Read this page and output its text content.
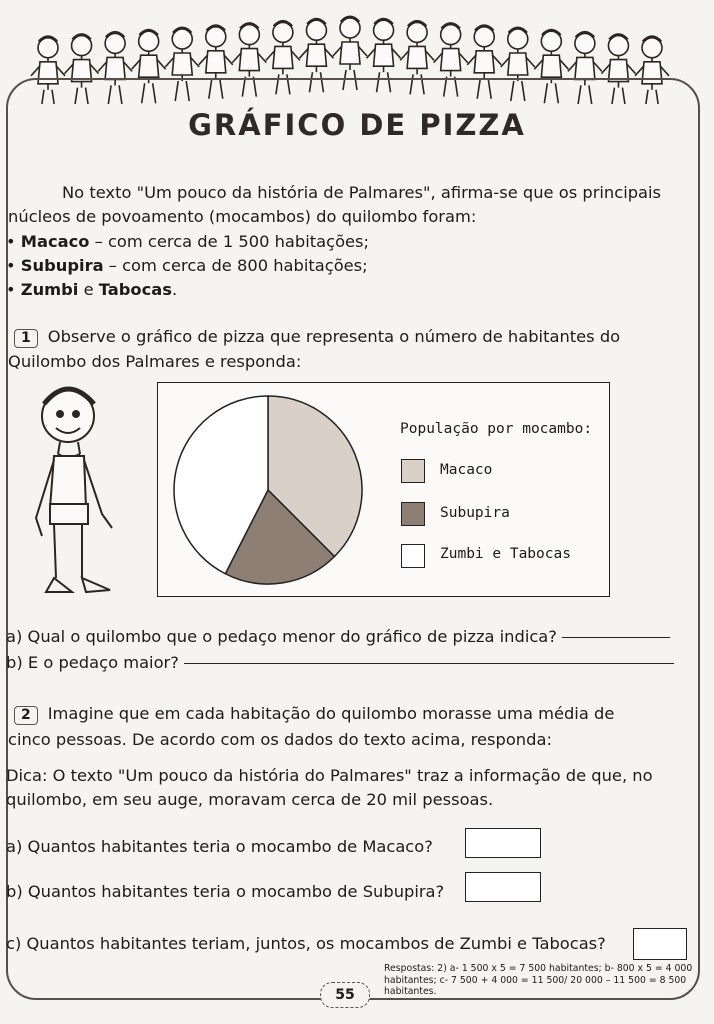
GRÁFICO DE PIZZA
No texto "Um pouco da história de Palmares", afirma-se que os principais
núcleos de povoamento (mocambos) do quilombo foram:
• Macaco – com cerca de 1 500 habitações;
• Subupira – com cerca de 800 habitações;
• Zumbi e Tabocas.
1 Observe o gráfico de pizza que representa o número de habitantes do
Quilombo dos Palmares e responda:
População por mocambo:
Macaco
Subupira
Zumbi e Tabocas
a) Qual o quilombo que o pedaço menor do gráfico de pizza indica?
b) E o pedaço maior?
2 Imagine que em cada habitação do quilombo morasse uma média de
cinco pessoas. De acordo com os dados do texto acima, responda:
Dica: O texto "Um pouco da história do Palmares" traz a informação de que, no
quilombo, em seu auge, moravam cerca de 20 mil pessoas.
a) Quantos habitantes teria o mocambo de Macaco?
b) Quantos habitantes teria o mocambo de Subupira?
c) Quantos habitantes teriam, juntos, os mocambos de Zumbi e Tabocas?
Respostas: 2) a- 1 500 x 5 = 7 500 habitantes; b- 800 x 5 = 4 000 habitantes; c- 7 500 + 4 000 = 11 500/ 20 000 – 11 500 = 8 500 habitantes.
55
